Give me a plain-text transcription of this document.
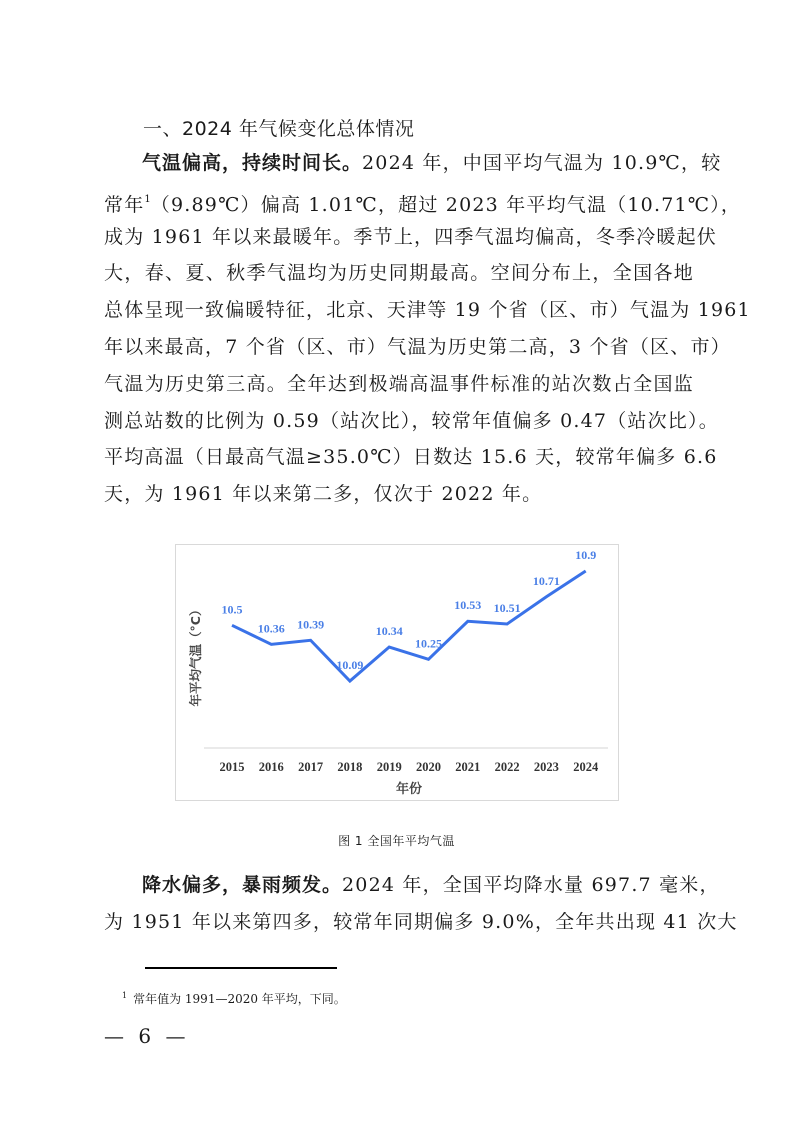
一、2024 年气候变化总体情况
气温偏高，持续时间长。2024 年，中国平均气温为 10.9℃，较
常年$^1$（9.89℃）偏高 1.01℃，超过 2023 年平均气温（10.71℃），
成为 1961 年以来最暖年。季节上，四季气温均偏高，冬季冷暖起伏
大，春、夏、秋季气温均为历史同期最高。空间分布上，全国各地
总体呈现一致偏暖特征，北京、天津等 19 个省（区、市）气温为 1961
年以来最高，7 个省（区、市）气温为历史第二高，3 个省（区、市）
气温为历史第三高。全年达到极端高温事件标准的站次数占全国监
测总站数的比例为 0.59（站次比），较常年值偏多 0.47（站次比）。
平均高温（日最高气温≥35.0℃）日数达 15.6 天，较常年偏多 6.6
天，为 1961 年以来第二多，仅次于 2022 年。
10.5
10.36 10.39
10.09
10.34
10.25
10.53 10.51
10.71
10.9
2015 2016 2017 2018 2019 2020 2021 2022 2023 2024
年份
年平均气温（°C）
图 1 全国年平均气温
降水偏多，暴雨频发。2024 年，全国平均降水量 697.7 毫米，
为 1951 年以来第四多，较常年同期偏多 9.0%，全年共出现 41 次大
$^1$ 常年值为 1991—2020 年平均，下同。
— 6 —
